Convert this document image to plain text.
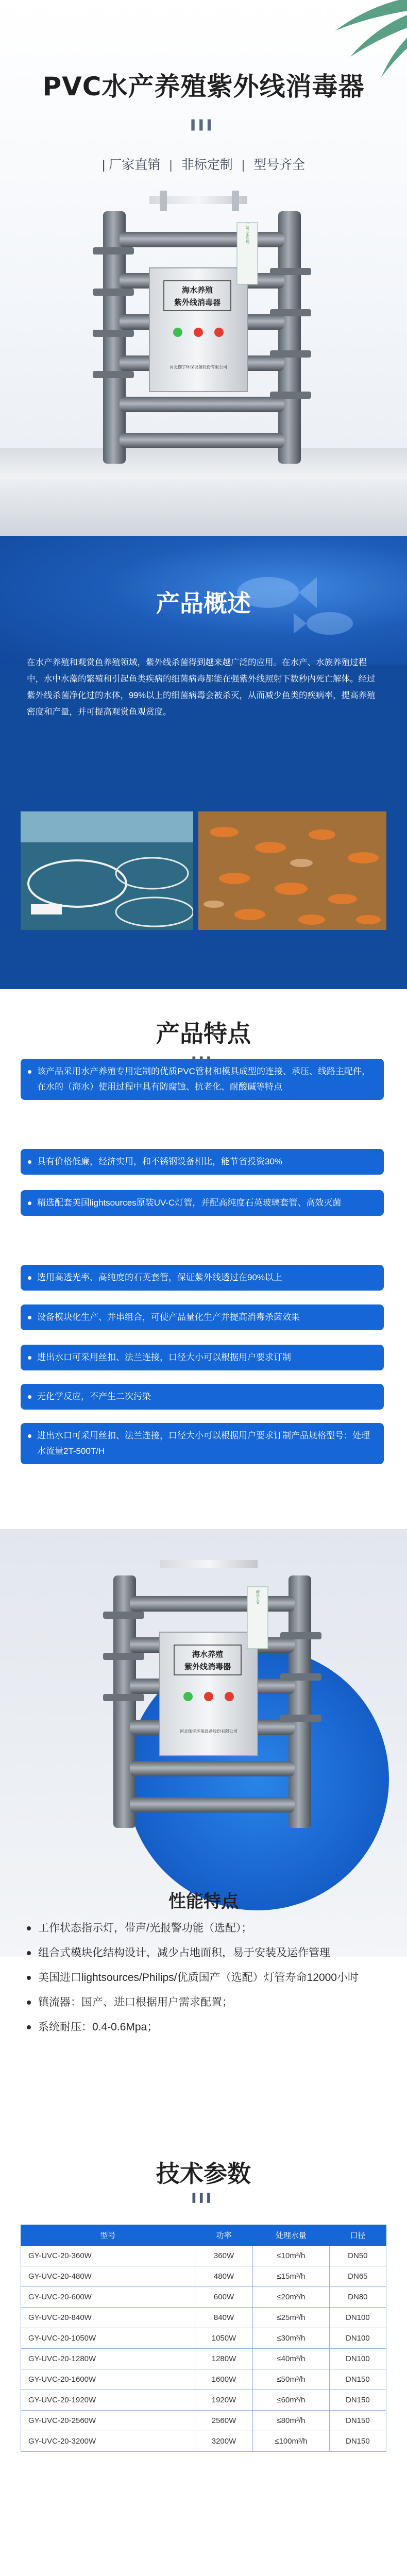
PVC水产养殖紫外线消毒器
▌▌▌
| 厂家直销 | 非标定制 | 型号齐全
海水养殖
紫外线消毒器
河北伽宇环保设备股份有限公司
一站式水处理
产品概述

在水产养殖和观赏鱼养殖领域，紫外线杀菌得到越来越广泛的应用。在水产、水族养殖过程中，水中水藻的繁殖和引起鱼类疾病的细菌病毒都能在强紫外线照射下数秒内死亡解体。经过紫外线杀菌净化过的水体，99%以上的细菌病毒会被杀灭，从而减少鱼类的疾病率，提高养殖密度和产量，并可提高观赏鱼观赏度。

产品特点
该产品采用水产养殖专用定制的优质PVC管材和模具成型的连接、承压、线路主配件，在水的（海水）使用过程中具有防腐蚀、抗老化、耐酸碱等特点
具有价格低廉，经济实用，和不锈钢设备相比，能节省投资30%
精选配套美国lightsources原装UV-C灯管，并配高纯度石英玻璃套管、高效灭菌
选用高透光率、高纯度的石英套管，保证紫外线透过在90%以上
设备模块化生产、并串组合，可使产品量化生产并提高消毒杀菌效果
进出水口可采用丝扣、法兰连接，口径大小可以根据用户要求订制
无化学反应，不产生二次污染
进出水口可采用丝扣、法兰连接，口径大小可以根据用户要求订制产品规格型号：处理水流量2T-500T/H
海水养殖
紫外线消毒器
河北伽宇环保设备股份有限公司
解决方案
性能特点
工作状态指示灯，带声/光报警功能（选配）；
组合式模块化结构设计，减少占地面积，易于安装及运作管理
美国进口lightsources/Philips/优质国产（选配）灯管寿命12000小时
镇流器：国产、进口根据用户需求配置；
系统耐压：0.4-0.6Mpa；
技术参数
▌▌▌
型号	功率	处理水量	口径
GY-UVC-20-360W	360W	≤10m³/h	DN50
GY-UVC-20-480W	480W	≤15m³/h	DN65
GY-UVC-20-600W	600W	≤20m³/h	DN80
GY-UVC-20-840W	840W	≤25m³/h	DN100
GY-UVC-20-1050W	1050W	≤30m³/h	DN100
GY-UVC-20-1280W	1280W	≤40m³/h	DN100
GY-UVC-20-1600W	1600W	≤50m³/h	DN150
GY-UVC-20-1920W	1920W	≤60m³/h	DN150
GY-UVC-20-2560W	2560W	≤80m³/h	DN150
GY-UVC-20-3200W	3200W	≤100m³/h	DN150
